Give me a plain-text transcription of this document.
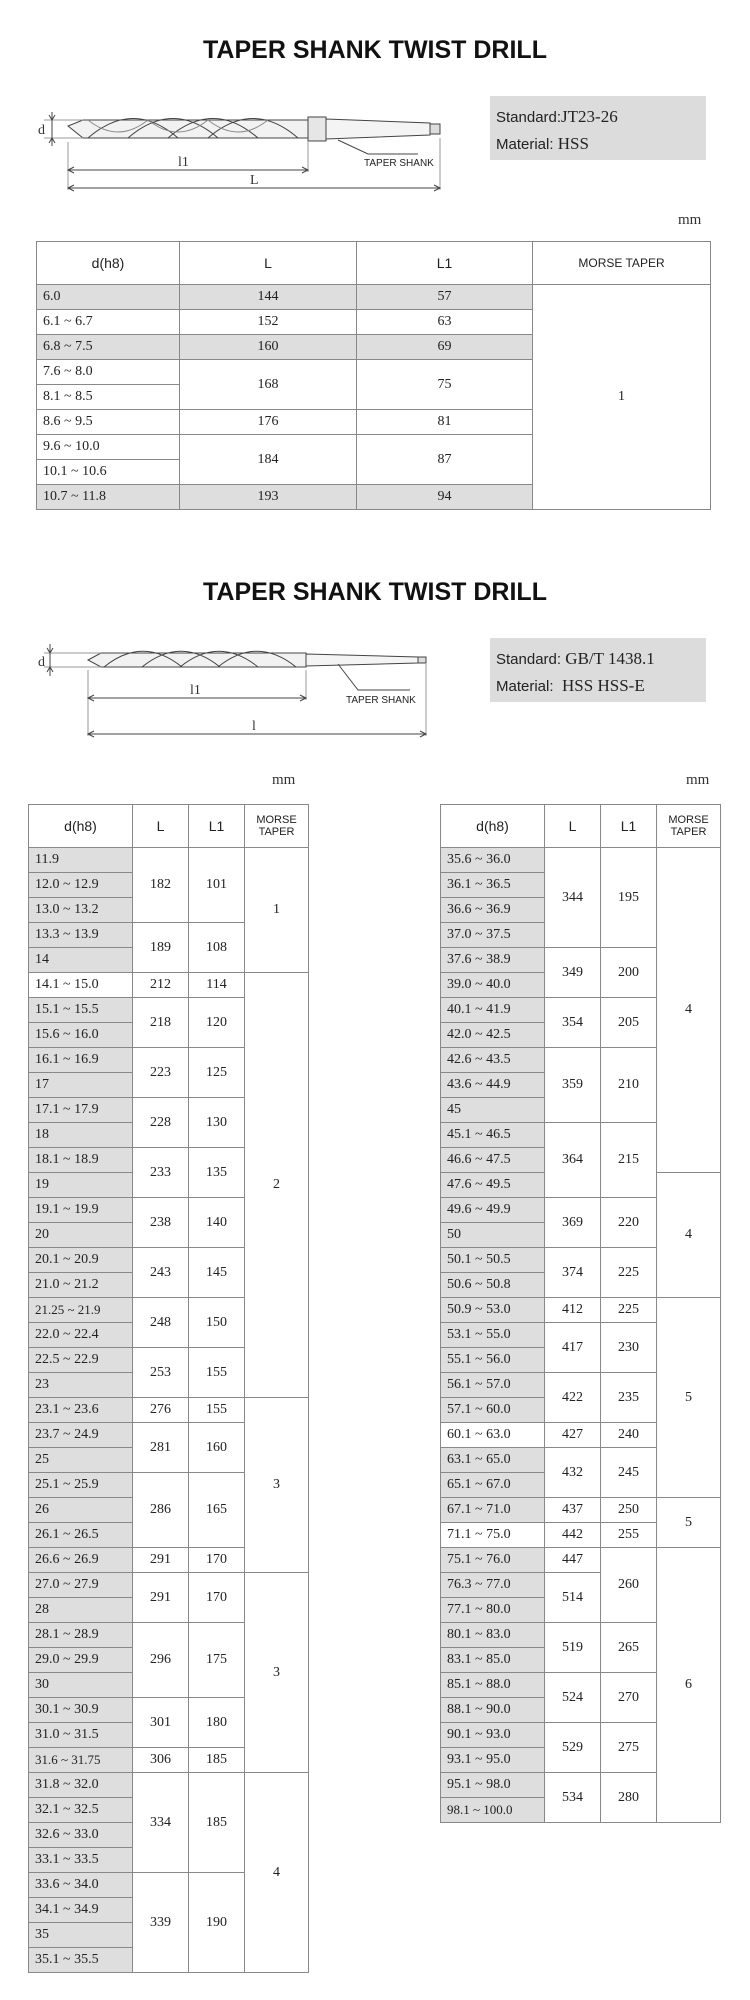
TAPER SHANK TWIST DRILL
d
l1
L
TAPER SHANK
Standard:JT23-26
Material: HSS
mm
d(h8)	L	L1	MORSE TAPER
6.0	144	57	1
6.1 ~ 6.7	152	63	
6.8 ~ 7.5	160	69	
7.6 ~ 8.0	168	75	
8.1 ~ 8.5			
8.6 ~ 9.5	176	81	
9.6 ~ 10.0	184	87	
10.1 ~ 10.6			
10.7 ~ 11.8	193	94	
TAPER SHANK TWIST DRILL
d
l1
l
TAPER SHANK
Standard: GB/T 1438.1
Material: HSS HSS-E
mm	mm
d(h8)	L	L1	MORSE TAPER
11.9	182	101	1
12.0 ~ 12.9			
13.0 ~ 13.2			
13.3 ~ 13.9	189	108	
14			
14.1 ~ 15.0	212	114	2
15.1 ~ 15.5	218	120	
15.6 ~ 16.0			
16.1 ~ 16.9	223	125	
17			
17.1 ~ 17.9	228	130	
18			
18.1 ~ 18.9	233	135	
19			
19.1 ~ 19.9	238	140	
20			
20.1 ~ 20.9	243	145	
21.0 ~ 21.2			
21.25 ~ 21.9	248	150	
22.0 ~ 22.4			
22.5 ~ 22.9	253	155	
23			
23.1 ~ 23.6	276	155	3
23.7 ~ 24.9	281	160	
25			
25.1 ~ 25.9	286	165	
26			
26.1 ~ 26.5			
26.6 ~ 26.9	291	170	
27.0 ~ 27.9	291	170	3
28			
28.1 ~ 28.9	296	175	
29.0 ~ 29.9			
30			
30.1 ~ 30.9	301	180	
31.0 ~ 31.5			
31.6 ~ 31.75	306	185	
31.8 ~ 32.0	334	185	4
32.1 ~ 32.5			
32.6 ~ 33.0			
33.1 ~ 33.5			
33.6 ~ 34.0	339	190	
34.1 ~ 34.9			
35			
35.1 ~ 35.5			
d(h8)	L	L1	MORSE TAPER
35.6 ~ 36.0	344	195	4
36.1 ~ 36.5			
36.6 ~ 36.9			
37.0 ~ 37.5			
37.6 ~ 38.9	349	200	
39.0 ~ 40.0			
40.1 ~ 41.9	354	205	
42.0 ~ 42.5			
42.6 ~ 43.5	359	210	
43.6 ~ 44.9			
45			
45.1 ~ 46.5	364	215	
46.6 ~ 47.5			
47.6 ~ 49.5			4
49.6 ~ 49.9	369	220	
50			
50.1 ~ 50.5	374	225	
50.6 ~ 50.8			
50.9 ~ 53.0	412	225	5
53.1 ~ 55.0	417	230	
55.1 ~ 56.0			
56.1 ~ 57.0	422	235	
57.1 ~ 60.0			
60.1 ~ 63.0	427	240	
63.1 ~ 65.0	432	245	
65.1 ~ 67.0			
67.1 ~ 71.0	437	250	5
71.1 ~ 75.0	442	255	
75.1 ~ 76.0	447	260	6
76.3 ~ 77.0	514		
77.1 ~ 80.0			
80.1 ~ 83.0	519	265	
83.1 ~ 85.0			
85.1 ~ 88.0	524	270	
88.1 ~ 90.0			
90.1 ~ 93.0	529	275	
93.1 ~ 95.0			
95.1 ~ 98.0	534	280	
98.1 ~ 100.0			
